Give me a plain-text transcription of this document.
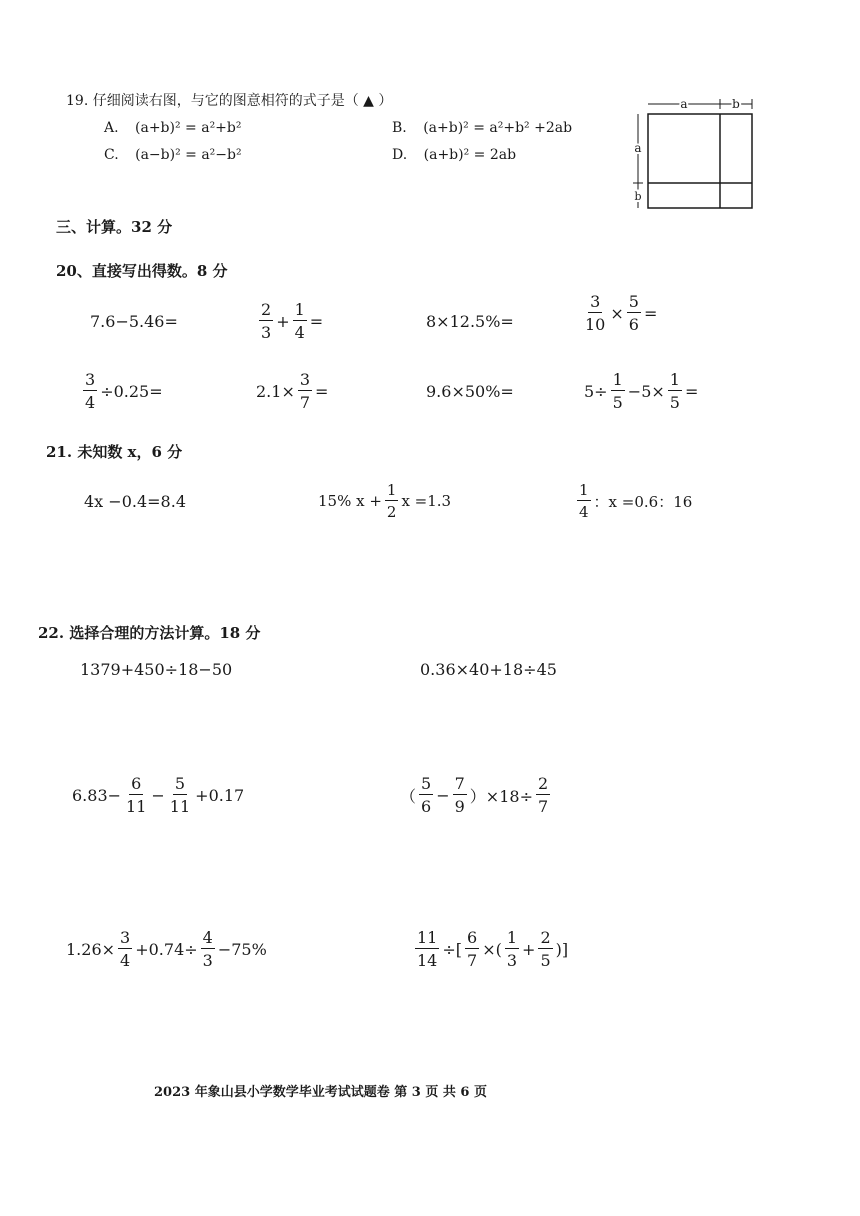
19. 仔细阅读右图，与它的图意相符的式子是（ ▲ ）
A. (a+b)² = a²+b²	B. (a+b)² = a²+b² +2ab
C. (a−b)² = a²−b²	D. (a+b)² = 2ab
a	b
a
b
三、计算。32 分
20、直接写出得数。8 分
7.6−5.46=	$\frac{2}{3} + \frac{1}{4}$ =	8×12.5%=	$\frac{3}{10} \times \frac{5}{6}$ =
$\frac{3}{4} \div 0.25=$	$2.1\times \frac{3}{7}$ =	9.6×50%=	$5\div \frac{1}{5} -5\times \frac{1}{5}$ =
21. 未知数 x，6 分
4x −0.4=8.4	15% $x + \frac{1}{2}$ x =1.3	$\frac{1}{4}$ ：x =0.6：16
22. 选择合理的方法计算。18 分
1379+450÷18−50	0.36×40+18÷45
$6.83- \frac{6}{11} - \frac{5}{11} +0.17$	（ $\frac{5}{6} - \frac{7}{9} )\times 18\div \frac{2}{7}$
$1.26\times \frac{3}{4} +0.74\div \frac{4}{3} -75\%$	$\frac{11}{14}$ ÷[ $\frac{6}{7}$ ×( $\frac{1}{3} + \frac{2}{5}$ )]
2023 年象山县小学数学毕业考试试题卷 第 3 页 共 6 页
